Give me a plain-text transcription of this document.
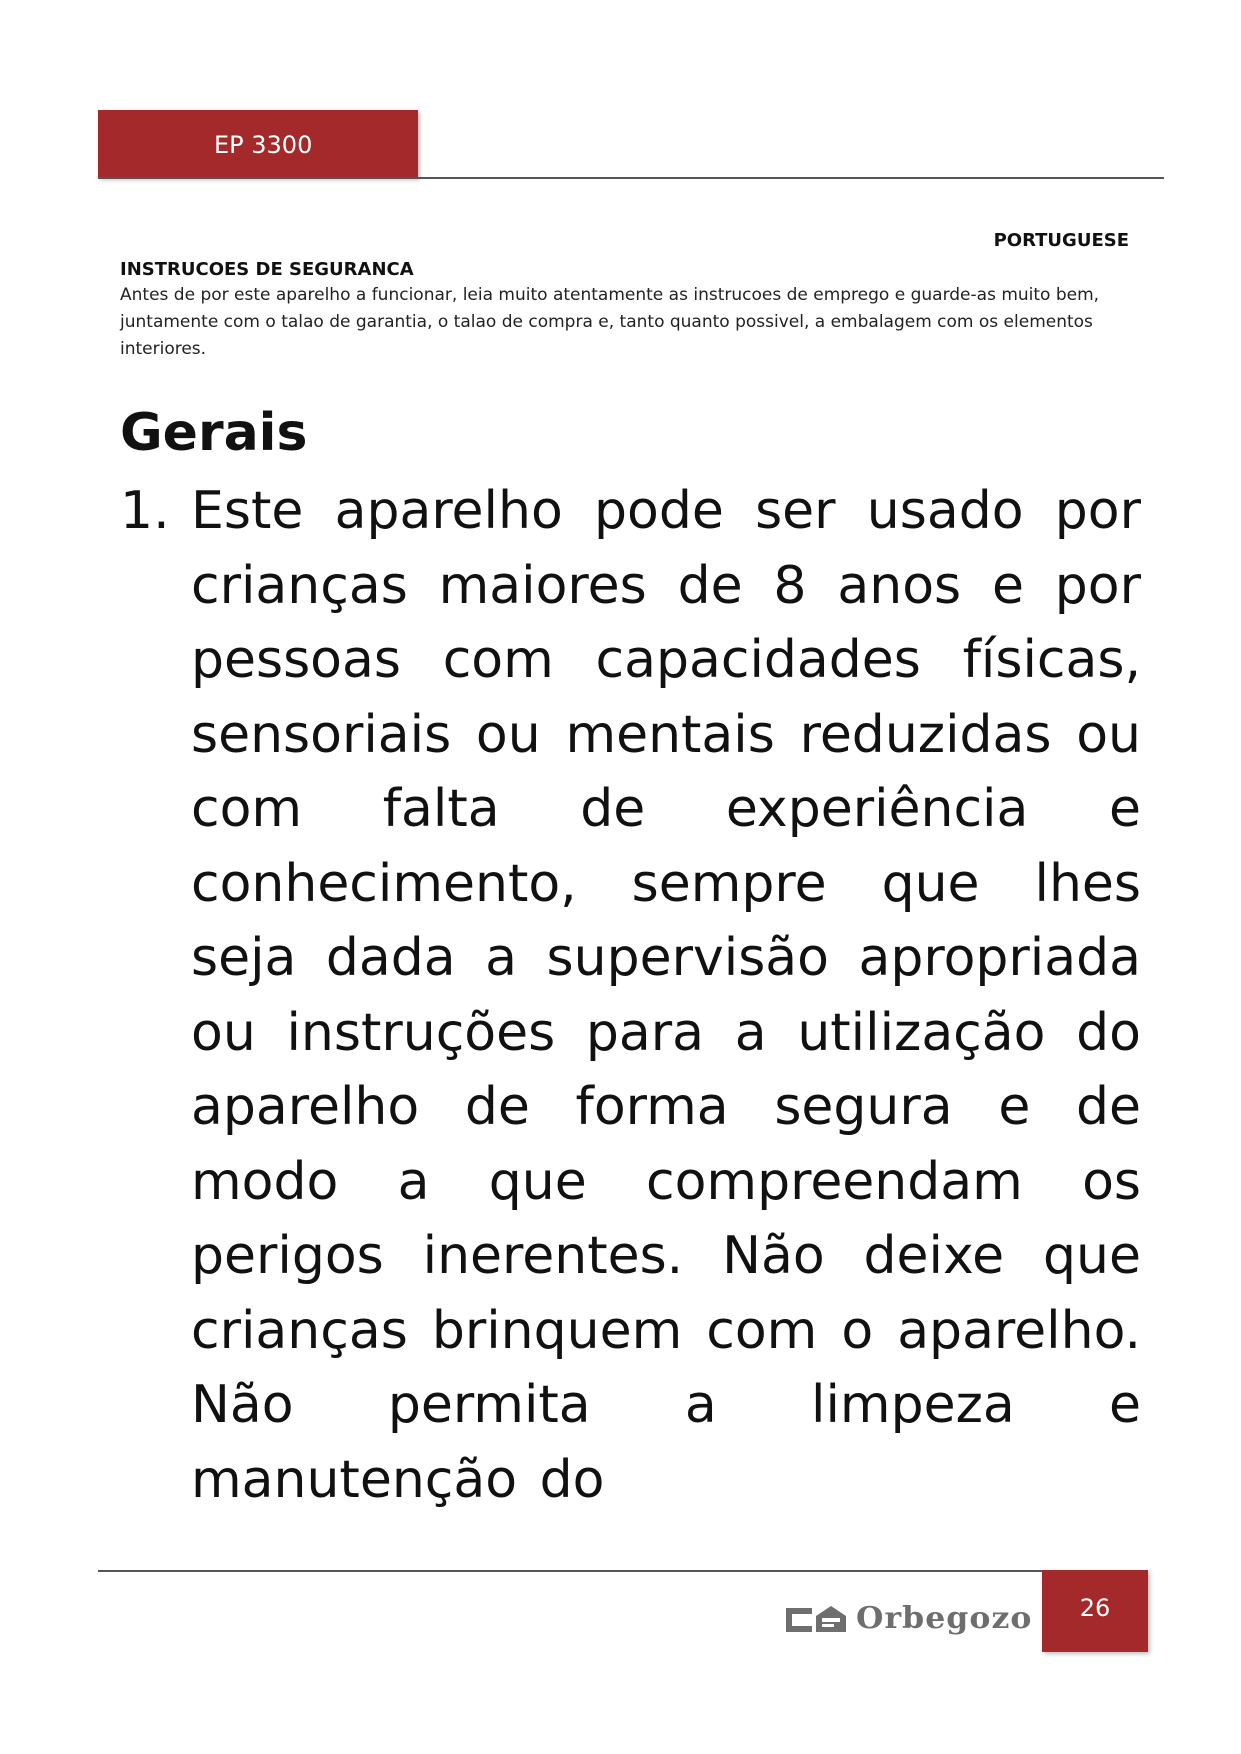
EP 3300
PORTUGUESE
INSTRUCOES DE SEGURANCA

Antes de por este aparelho a funcionar, leia muito atentamente as instrucoes de emprego e guarde-as muito bem, juntamente com o talao de garantia, o talao de compra e, tanto quanto possivel, a embalagem com os elementos interiores.

Gerais
1. Este aparelho pode ser usado por crianças maiores de 8 anos e por pessoas com capacidades físicas, sensoriais ou mentais reduzidas ou com falta de experiência e conhecimento, sempre que lhes seja dada a supervisão apropriada ou instruções para a utilização do aparelho de forma segura e de modo a que compreendam os perigos inerentes. Não deixe que crianças brinquem com o aparelho. Não permita a limpeza e manutenção do

Orbegozo	26
